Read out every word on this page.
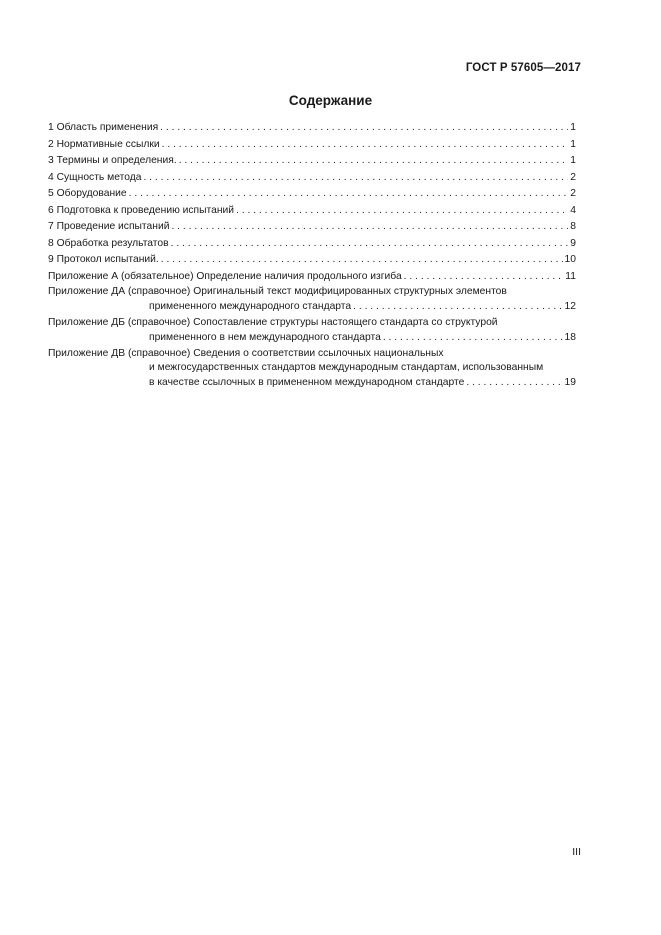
ГОСТ Р 57605—2017
Содержание
1 Область применения . . .	1
2 Нормативные ссылки . . .	1
3 Термины и определения. . . .	1
4 Сущность метода . . .	2
5 Оборудование . . .	2
6 Подготовка к проведению испытаний . . .	4
7 Проведение испытаний . . .	8
8 Обработка результатов . . .	9
9 Протокол испытаний. . . .	10
Приложение А (обязательное) Определение наличия продольного изгиба . . .	11
Приложение ДА (справочное) Оригинальный текст модифицированных структурных элементов
примененного международного стандарта . . .	12
Приложение ДБ (справочное) Сопоставление структуры настоящего стандарта со структурой
примененного в нем международного стандарта . . .	18
Приложение ДВ (справочное) Сведения о соответствии ссылочных национальных
и межгосударственных стандартов международным стандартам, использованным
в качестве ссылочных в примененном международном стандарте . . .	19
III
